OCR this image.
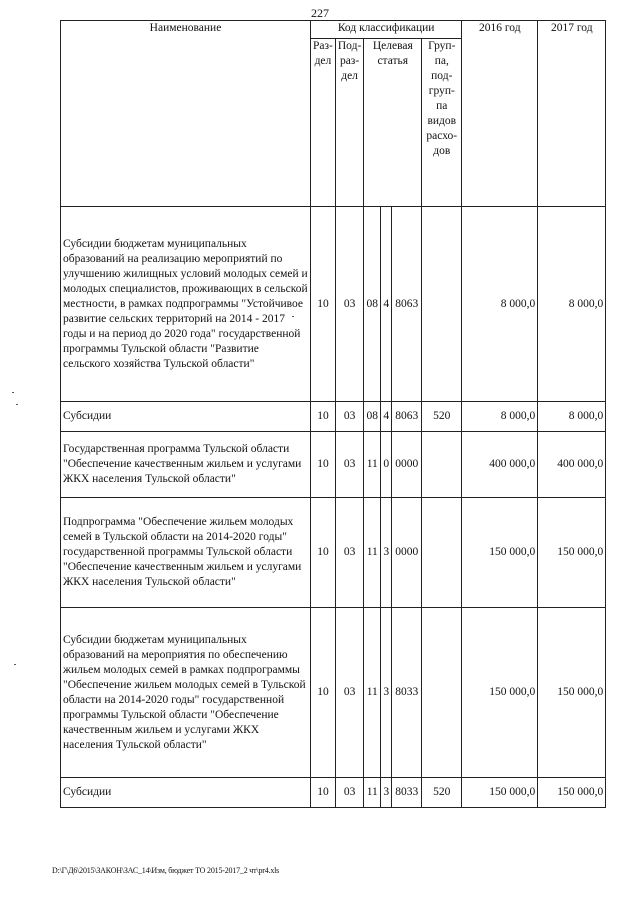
227
Наименование	Код классификации						2016 год	2017 год
	Раз-дел	Под-раз-дел	Целевая статья			Груп-па, под-груп-па видов расхо-дов		
Субсидии бюджетам муниципальных образований на реализацию мероприятий по улучшению жилищных условий молодых семей и молодых специалистов, проживающих в сельской местности, в рамках подпрограммы "Устойчивое развитие сельских территорий на 2014 - 2017 годы и на период до 2020 года" государственной программы Тульской области "Развитие сельского хозяйства Тульской области"	10	03	08	4	8063		8 000,0	8 000,0
Субсидии	10	03	08	4	8063	520	8 000,0	8 000,0
Государственная программа Тульской области "Обеспечение качественным жильем и услугами ЖКХ населения Тульской области"	10	03	11	0	0000		400 000,0	400 000,0
Подпрограмма "Обеспечение жильем молодых семей в Тульской области на 2014-2020 годы" государственной программы Тульской области "Обеспечение качественным жильем и услугами ЖКХ населения Тульской области"	10	03	11	3	0000		150 000,0	150 000,0
Субсидии бюджетам муниципальных образований на мероприятия по обеспечению жильем молодых семей в рамках подпрограммы "Обеспечение жильем молодых семей в Тульской области на 2014-2020 годы" государственной программы Тульской области "Обеспечение качественным жильем и услугами ЖКХ населения Тульской области"	10	03	11	3	8033		150 000,0	150 000,0
Субсидии	10	03	11	3	8033	520	150 000,0	150 000,0
D:\Г\Д6\2015\ЗАКОН\ЗАС_14\Изм, бюджет ТО 2015-2017_2 чт\pr4.xls
